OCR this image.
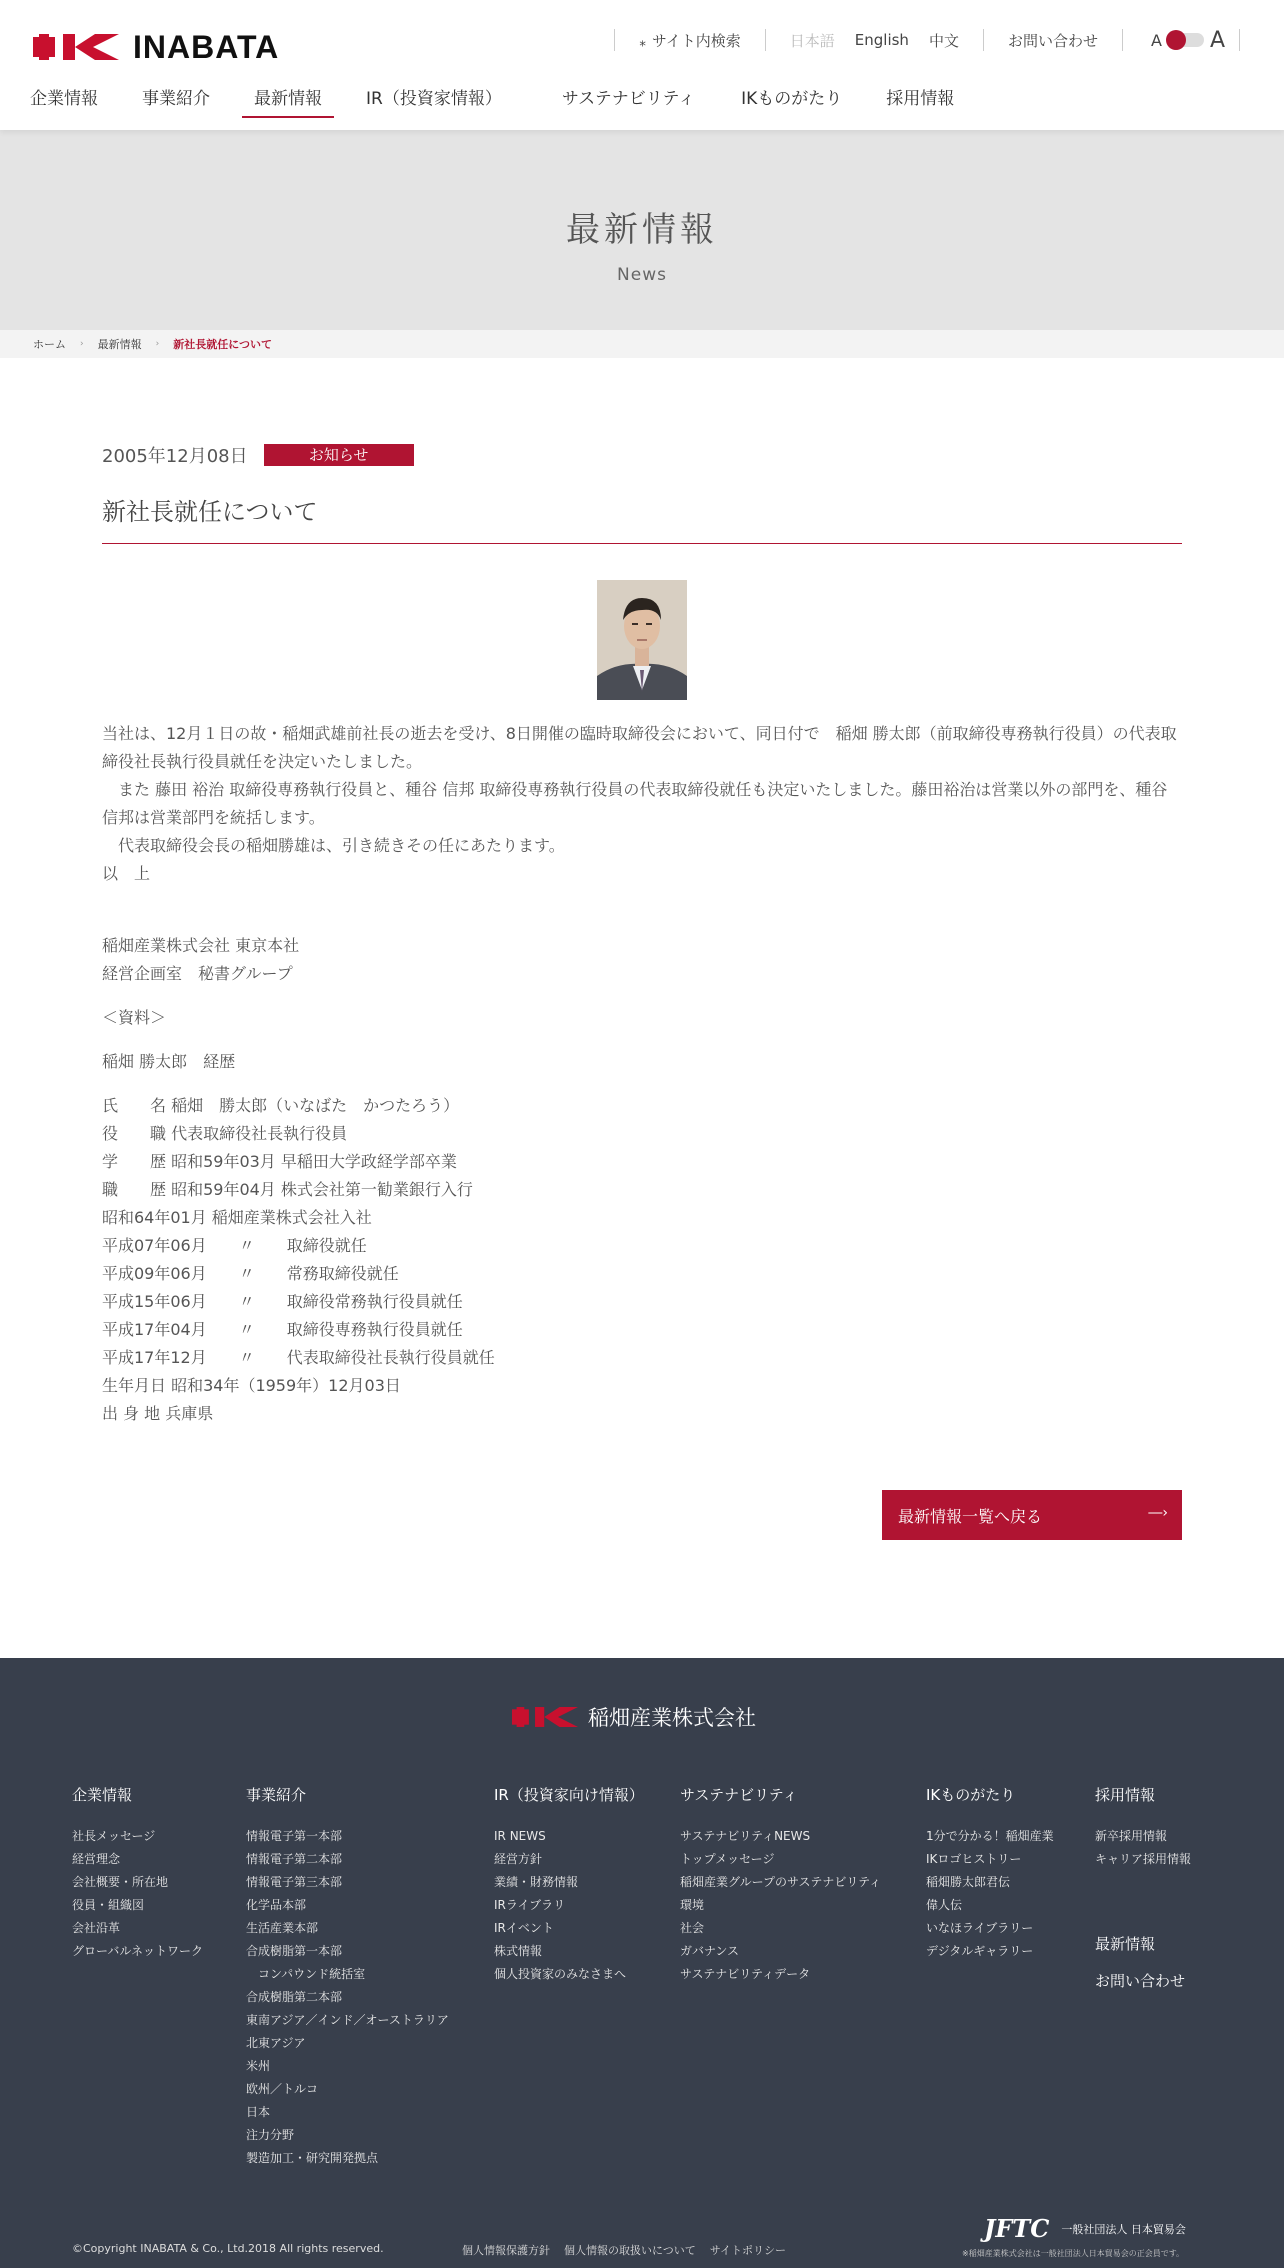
INABATA	⁎ サイト内検索	日本語	English	中文	お問い合わせ	A A
企業情報	事業紹介	最新情報	IR（投資家情報）	サステナビリティ	IKものがたり	採用情報
最新情報
News
ホーム › 最新情報 › 新社長就任について
2005年12月08日	お知らせ
新社長就任について

当社は、12月１日の故・稲畑武雄前社長の逝去を受け、8日開催の臨時取締役会において、同日付で　稲畑 勝太郎（前取締役専務執行役員）の代表取締役社長執行役員就任を決定いたしました。

　また 藤田 裕治 取締役専務執行役員と、種谷 信邦 取締役専務執行役員の代表取締役就任も決定いたしました。藤田裕治は営業以外の部門を、種谷信邦は営業部門を統括します。

　代表取締役会長の稲畑勝雄は、引き続きその任にあたります。

以　上

稲畑産業株式会社 東京本社

経営企画室　秘書グループ

＜資料＞

稲畑 勝太郎　経歴

氏　　名 稲畑　勝太郎（いなばた　かつたろう）

役　　職 代表取締役社長執行役員

学　　歴 昭和59年03月 早稲田大学政経学部卒業

職　　歴 昭和59年04月 株式会社第一勧業銀行入行

昭和64年01月 稲畑産業株式会社入社

平成07年06月　　〃　　取締役就任

平成09年06月　　〃　　常務取締役就任

平成15年06月　　〃　　取締役常務執行役員就任

平成17年04月　　〃　　取締役専務執行役員就任

平成17年12月　　〃　　代表取締役社長執行役員就任

生年月日 昭和34年（1959年）12月03日

出 身 地 兵庫県

最新情報一覧へ戻る	―›
稲畑産業株式会社
企業情報
社長メッセージ
経営理念
会社概要・所在地
役員・組織図
会社沿革
グローバルネットワーク
事業紹介
情報電子第一本部
情報電子第二本部
情報電子第三本部
化学品本部
生活産業本部
合成樹脂第一本部
コンパウンド統括室
合成樹脂第二本部
東南アジア／インド／オーストラリア
北東アジア
米州
欧州／トルコ
日本
注力分野
製造加工・研究開発拠点
IR（投資家向け情報）
IR NEWS
経営方針
業績・財務情報
IRライブラリ
IRイベント
株式情報
個人投資家のみなさまへ
サステナビリティ
サステナビリティNEWS
トップメッセージ
稲畑産業グループのサステナビリティ
環境
社会
ガバナンス
サステナビリティデータ
IKものがたり
1分で分かる！稲畑産業
IKロゴヒストリー
稲畑勝太郎君伝
偉人伝
いなほライブラリー
デジタルギャラリー
採用情報
新卒採用情報
キャリア採用情報
最新情報
お問い合わせ
©Copyright INABATA & Co., Ltd.2018 All rights reserved.	個人情報保護方針 個人情報の取扱いについて サイトポリシー
JFTC 一般社団法人 日本貿易会
※稲畑産業株式会社は一般社団法人日本貿易会の正会員です。
